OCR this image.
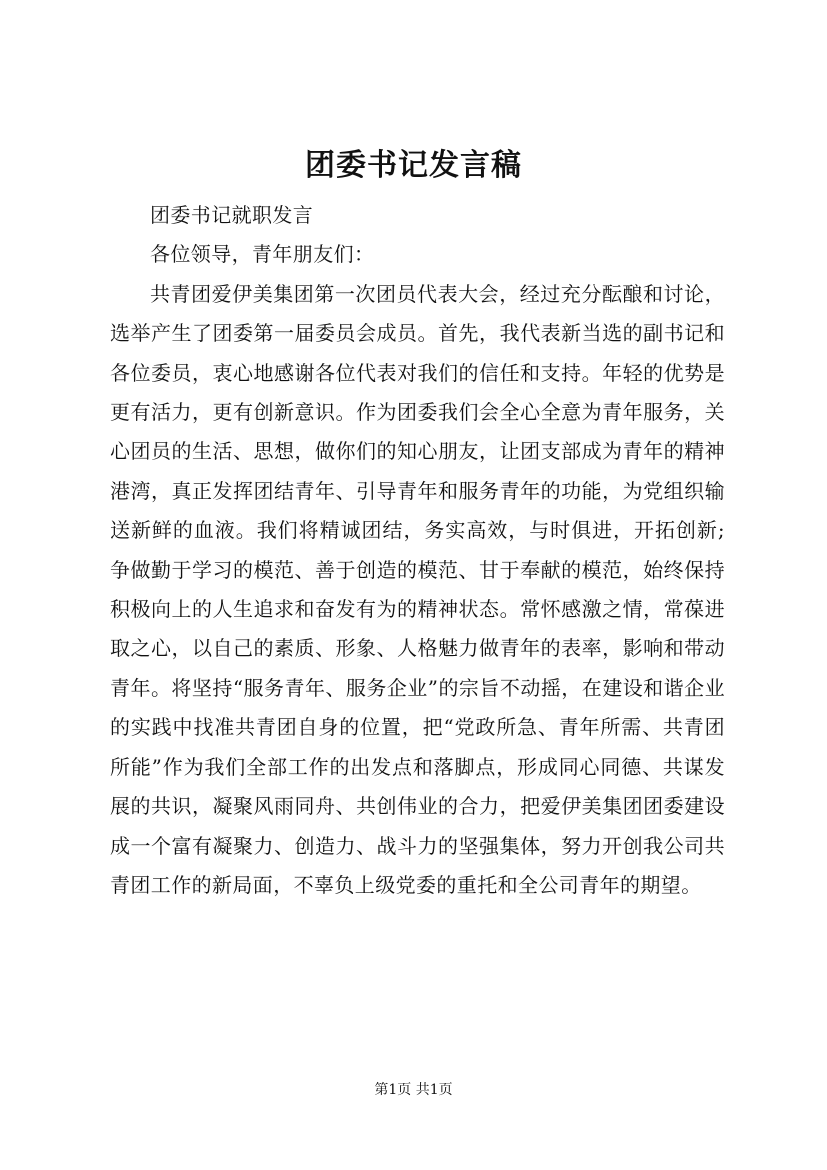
团委书记发言稿

团委书记就职发言

各位领导，青年朋友们：

共青团爱伊美集团第一次团员代表大会，经过充分酝酿和讨论，选举产生了团委第一届委员会成员。首先，我代表新当选的副书记和各位委员，衷心地感谢各位代表对我们的信任和支持。年轻的优势是更有活力，更有创新意识。作为团委我们会全心全意为青年服务，关心团员的生活、思想，做你们的知心朋友，让团支部成为青年的精神港湾，真正发挥团结青年、引导青年和服务青年的功能，为党组织输送新鲜的血液。我们将精诚团结，务实高效，与时俱进，开拓创新;争做勤于学习的模范、善于创造的模范、甘于奉献的模范，始终保持积极向上的人生追求和奋发有为的精神状态。常怀感激之情，常葆进取之心，以自己的素质、形象、人格魅力做青年的表率，影响和带动青年。将坚持“服务青年、服务企业”的宗旨不动摇，在建设和谐企业的实践中找准共青团自身的位置，把“党政所急、青年所需、共青团所能”作为我们全部工作的出发点和落脚点，形成同心同德、共谋发展的共识，凝聚风雨同舟、共创伟业的合力，把爱伊美集团团委建设成一个富有凝聚力、创造力、战斗力的坚强集体，努力开创我公司共青团工作的新局面，不辜负上级党委的重托和全公司青年的期望。

第1页 共1页
